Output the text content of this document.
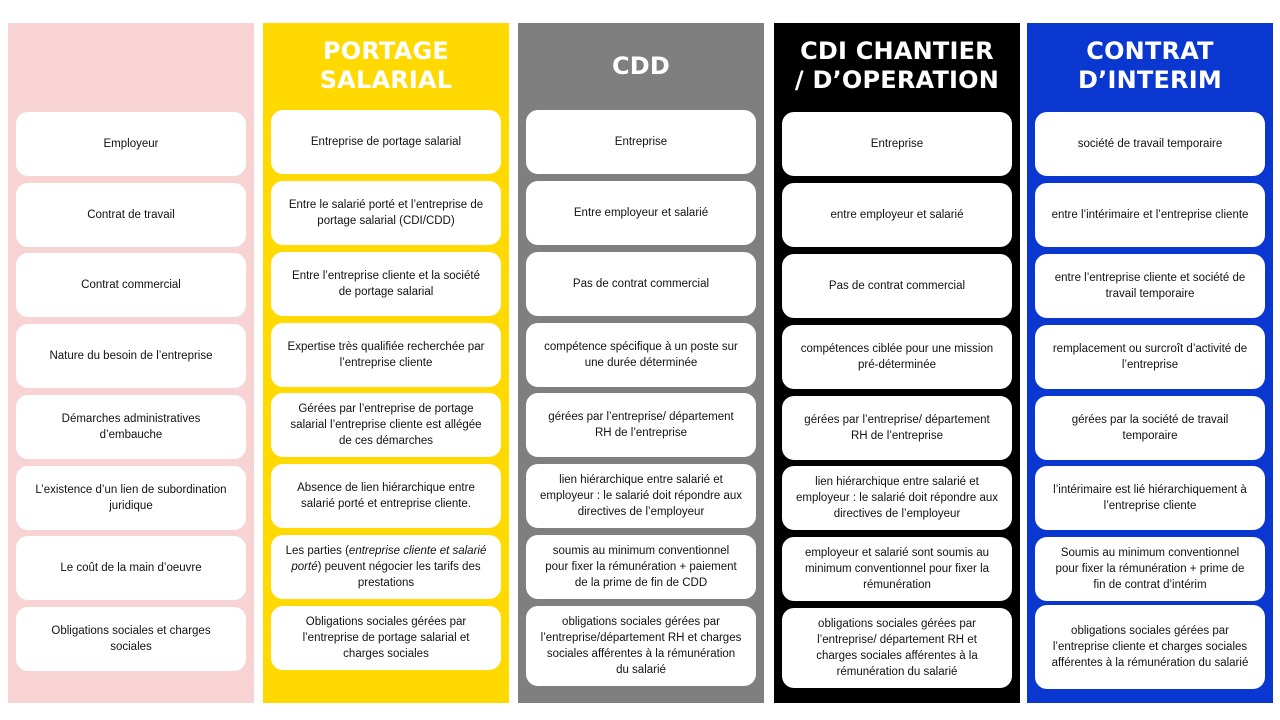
Employeur
Contrat de travail
Contrat commercial
Nature du besoin de l’entreprise
Démarches administratives d’embauche
L’existence d’un lien de subordination juridique
Le coût de la main d’oeuvre
Obligations sociales et charges sociales
PORTAGE
SALARIAL
Entreprise de portage salarial
Entre le salarié porté et l’entreprise de portage salarial (CDI/CDD)
Entre l’entreprise cliente et la société de portage salarial
Expertise très qualifiée recherchée par l’entreprise cliente
Gérées par l’entreprise de portage salarial l’entreprise cliente est allégée de ces démarches
Absence de lien hiérarchique entre salarié porté et entreprise cliente.
Les parties (entreprise cliente et salarié porté) peuvent négocier les tarifs des prestations
Obligations sociales gérées par l’entreprise de portage salarial et charges sociales
CDD
Entreprise
Entre employeur et salarié
Pas de contrat commercial
compétence spécifique à un poste sur une durée déterminée
gérées par l’entreprise/ département RH de l’entreprise
lien hiérarchique entre salarié et employeur : le salarié doit répondre aux directives de l’employeur
soumis au minimum conventionnel pour fixer la rémunération + paiement de la prime de fin de CDD
obligations sociales gérées par l’entreprise/département RH et charges sociales afférentes à la rémunération du salarié
CDI CHANTIER
/ D’OPERATION
Entreprise
entre employeur et salarié
Pas de contrat commercial
compétences ciblée pour une mission pré-déterminée
gérées par l’entreprise/ département RH de l’entreprise
lien hiérarchique entre salarié et employeur : le salarié doit répondre aux directives de l’employeur
employeur et salarié sont soumis au minimum conventionnel pour fixer la rémunération
obligations sociales gérées par l’entreprise/ département RH et charges sociales afférentes à la rémunération du salarié
CONTRAT
D’INTERIM
société de travail temporaire
entre l’intérimaire et l’entreprise cliente
entre l’entreprise cliente et société de travail temporaire
remplacement ou surcroît d’activité de l’entreprise
gérées par la société de travail temporaire
l’intérimaire est lié hiérarchiquement à l’entreprise cliente
Soumis au minimum conventionnel pour fixer la rémunération + prime de fin de contrat d’intérim
obligations sociales gérées par l’entreprise cliente et charges sociales afférentes à la rémunération du salarié
